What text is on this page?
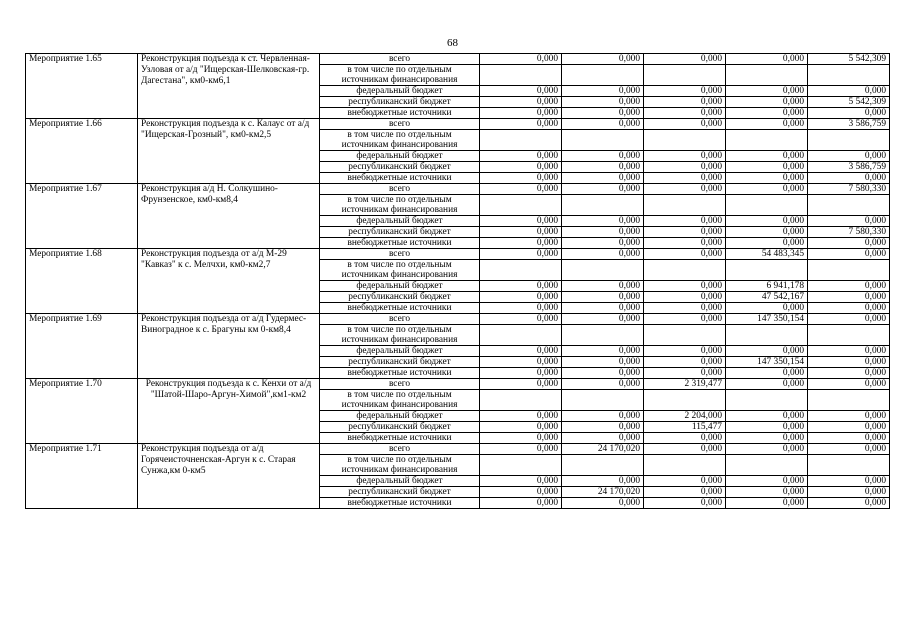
68
Мероприятие 1.65	Реконструкция подъезда к ст. Червленная-Узловая от а/д "Ищерская-Шелковская-гр. Дагестана", км0-км6,1	всего	0,000	0,000	0,000	0,000	5 542,309
		в том числе по отдельным источникам финансирования					
		федеральный бюджет	0,000	0,000	0,000	0,000	0,000
		республиканский бюджет	0,000	0,000	0,000	0,000	5 542,309
		внебюджетные источники	0,000	0,000	0,000	0,000	0,000
Мероприятие 1.66	Реконструкция подъезда к с. Калаус от а/д "Ищерская-Грозный", км0-км2,5	всего	0,000	0,000	0,000	0,000	3 586,759
		в том числе по отдельным источникам финансирования					
		федеральный бюджет	0,000	0,000	0,000	0,000	0,000
		республиканский бюджет	0,000	0,000	0,000	0,000	3 586,759
		внебюджетные источники	0,000	0,000	0,000	0,000	0,000
Мероприятие 1.67	Реконструкция а/д Н. Солкушино-Фрунзенское, км0-км8,4	всего	0,000	0,000	0,000	0,000	7 580,330
		в том числе по отдельным источникам финансирования					
		федеральный бюджет	0,000	0,000	0,000	0,000	0,000
		республиканский бюджет	0,000	0,000	0,000	0,000	7 580,330
		внебюджетные источники	0,000	0,000	0,000	0,000	0,000
Мероприятие 1.68	Реконструкция подъезда от а/д М-29 "Кавказ" к с. Мелчхи, км0-км2,7	всего	0,000	0,000	0,000	54 483,345	0,000
		в том числе по отдельным источникам финансирования					
		федеральный бюджет	0,000	0,000	0,000	6 941,178	0,000
		республиканский бюджет	0,000	0,000	0,000	47 542,167	0,000
		внебюджетные источники	0,000	0,000	0,000	0,000	0,000
Мероприятие 1.69	Реконструкция подъезда от а/д Гудермес-Виноградное к с. Брагуны км 0-км8,4	всего	0,000	0,000	0,000	147 350,154	0,000
		в том числе по отдельным источникам финансирования					
		федеральный бюджет	0,000	0,000	0,000	0,000	0,000
		республиканский бюджет	0,000	0,000	0,000	147 350,154	0,000
		внебюджетные источники	0,000	0,000	0,000	0,000	0,000
Мероприятие 1.70	Реконструкция подъезда к с. Кенхи от а/д "Шатой-Шаро-Аргун-Химой",км1-км2	всего	0,000	0,000	2 319,477	0,000	0,000
		в том числе по отдельным источникам финансирования					
		федеральный бюджет	0,000	0,000	2 204,000	0,000	0,000
		республиканский бюджет	0,000	0,000	115,477	0,000	0,000
		внебюджетные источники	0,000	0,000	0,000	0,000	0,000
Мероприятие 1.71	Реконструкция подъезда от а/д Горячеисточненская-Аргун к с. Старая Сунжа,км 0-км5	всего	0,000	24 170,020	0,000	0,000	0,000
		в том числе по отдельным источникам финансирования					
		федеральный бюджет	0,000	0,000	0,000	0,000	0,000
		республиканский бюджет	0,000	24 170,020	0,000	0,000	0,000
		внебюджетные источники	0,000	0,000	0,000	0,000	0,000
